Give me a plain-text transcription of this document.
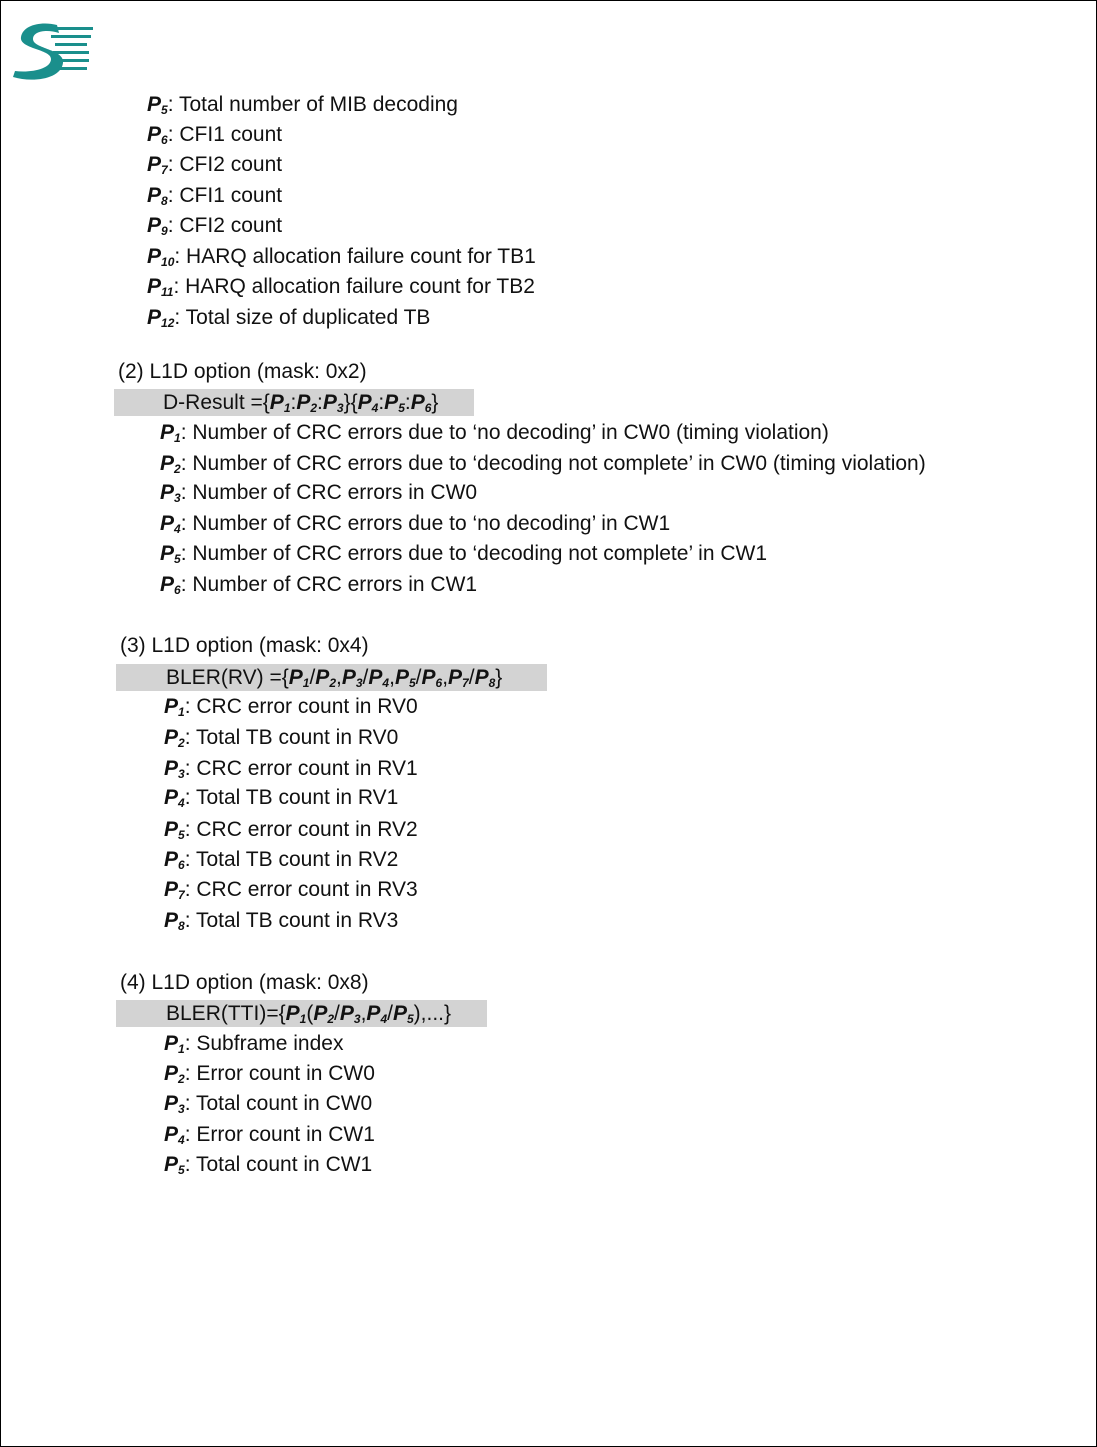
$P_5$: Total number of MIB decoding
$P_6$: CFI1 count
$P_7$: CFI2 count
$P_8$: CFI1 count
$P_9$: CFI2 count
$P_{10}$: HARQ allocation failure count for TB1
$P_{11}$: HARQ allocation failure count for TB2
$P_{12}$: Total size of duplicated TB
(2) L1D option (mask: 0x2)
D-Result $=\{P_1:P_2:P_3\}\{P_4:P_5:P_6\}$
$P_1$: Number of CRC errors due to ‘no decoding’ in CW0 (timing violation)
$P_2$: Number of CRC errors due to ‘decoding not complete’ in CW0 (timing violation)
$P_3$: Number of CRC errors in CW0
$P_4$: Number of CRC errors due to ‘no decoding’ in CW1
$P_5$: Number of CRC errors due to ‘decoding not complete’ in CW1
$P_6$: Number of CRC errors in CW1
(3) L1D option (mask: 0x4)
BLER(RV) $=\{P_1/P_2,P_3/P_4,P_5/P_6,P_7/P_8\}$
$P_1$: CRC error count in RV0
$P_2$: Total TB count in RV0
$P_3$: CRC error count in RV1
$P_4$: Total TB count in RV1
$P_5$: CRC error count in RV2
$P_6$: Total TB count in RV2
$P_7$: CRC error count in RV3
$P_8$: Total TB count in RV3
(4) L1D option (mask: 0x8)
$BLER(TTI)=\{P_1(P_2/P_3,P_4/P_5),...\}$
$P_1$: Subframe index
$P_2$: Error count in CW0
$P_3$: Total count in CW0
$P_4$: Error count in CW1
$P_5$: Total count in CW1
